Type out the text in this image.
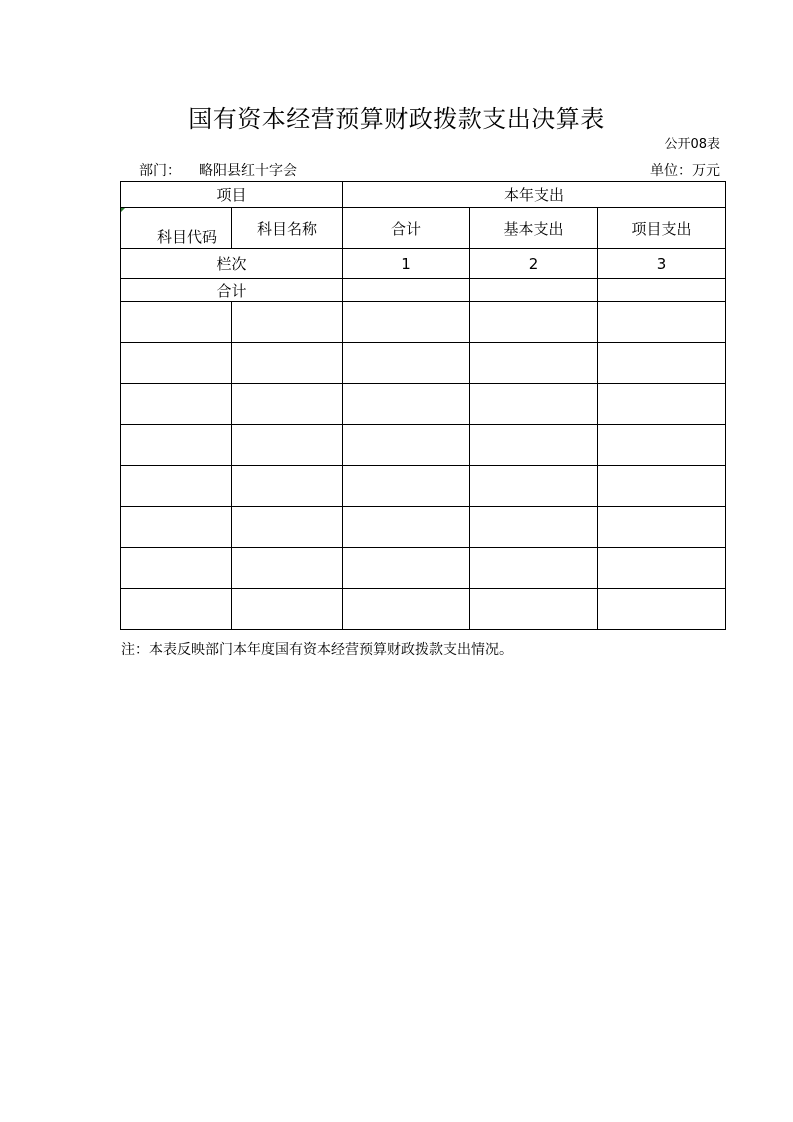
国有资本经营预算财政拨款支出决算表
公开08表
部门： 略阳县红十字会	单位：万元
项目		本年支出		

科目代码	科目名称	合计	基本支出	项目支出
栏次		1	2	3
合计				

注：本表反映部门本年度国有资本经营预算财政拨款支出情况。
